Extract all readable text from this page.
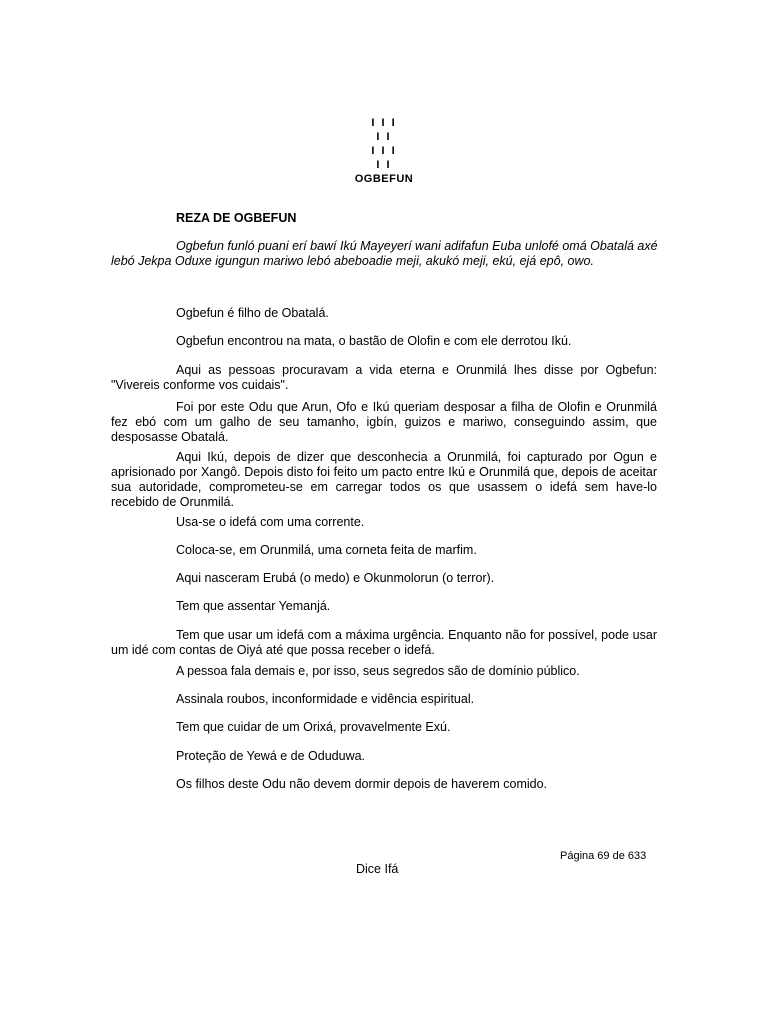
I I I
I I
I I I
I I
OGBEFUN
REZA DE OGBEFUN
Ogbefun funló puani erí bawí Ikú Mayeyerí wani adifafun Euba unlofé omá Obatalá axé lebó Jekpa Oduxe igungun mariwo lebó abeboadie meji, akukó meji, ekú, ejá epô, owo.
Ogbefun é filho de Obatalá.
Ogbefun encontrou na mata, o bastão de Olofin e com ele derrotou Ikú.
Aqui as pessoas procuravam a vida eterna e Orunmilá lhes disse por Ogbefun: "Vivereis conforme vos cuidais".
Foi por este Odu que Arun, Ofo e Ikú queriam desposar a filha de Olofin e Orunmilá fez ebó com um galho de seu tamanho, igbín, guizos e mariwo, conseguindo assim, que desposasse Obatalá.
Aqui Ikú, depois de dizer que desconhecia a Orunmilá, foi capturado por Ogun e aprisionado por Xangô. Depois disto foi feito um pacto entre Ikú e Orunmilá que, depois de aceitar sua autoridade, comprometeu-se em carregar todos os que usassem o idefá sem have-lo recebido de Orunmilá.
Usa-se o idefá com uma corrente.
Coloca-se, em Orunmilá, uma corneta feita de marfim.
Aqui nasceram Erubá (o medo) e Okunmolorun (o terror).
Tem que assentar Yemanjá.
Tem que usar um idefá com a máxima urgência. Enquanto não for possível, pode usar um idé com contas de Oiyá até que possa receber o idefá.
A pessoa fala demais e, por isso, seus segredos são de domínio público.
Assinala roubos, inconformidade e vidência espiritual.
Tem que cuidar de um Orixá, provavelmente Exú.
Proteção de Yewá e de Oduduwa.
Os filhos deste Odu não devem dormir depois de haverem comido.
Página 69 de 633
Dice Ifá
